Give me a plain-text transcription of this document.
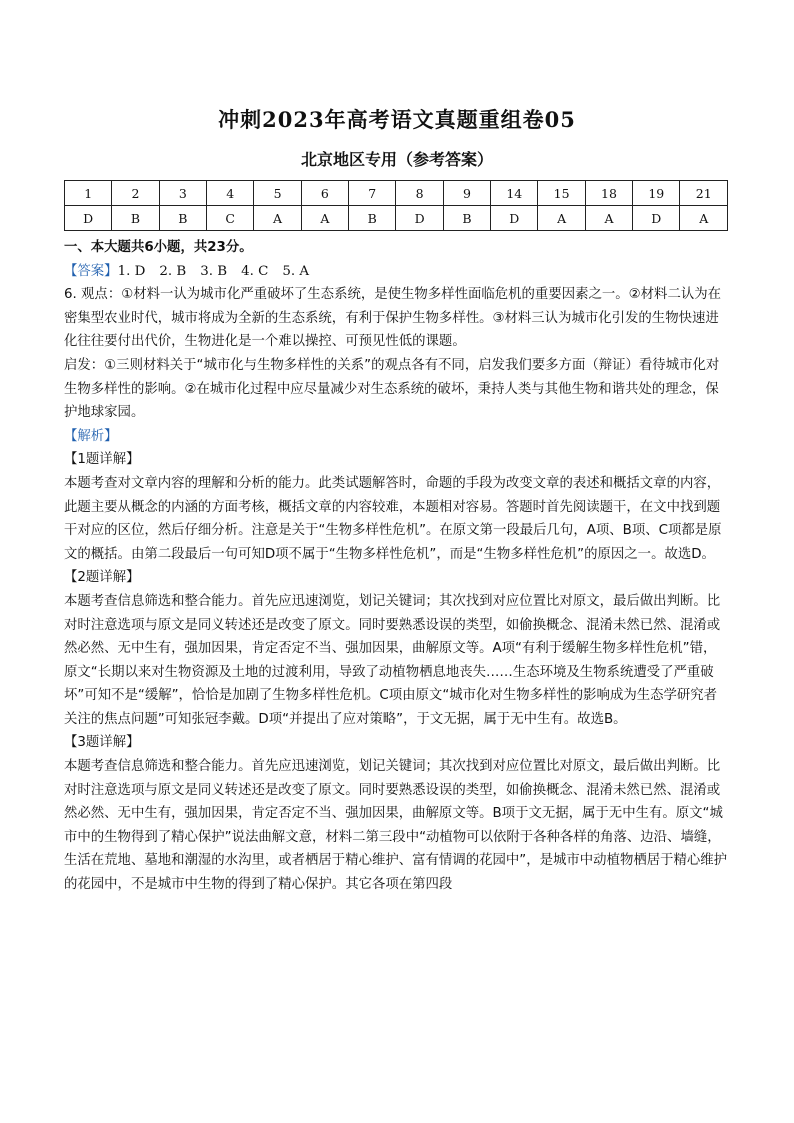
冲刺2023年高考语文真题重组卷05
北京地区专用（参考答案）
1	2	3	4	5	6	7	8	9	14	15	18	19	21
D	B	B	C	A	A	B	D	B	D	A	A	D	A

一、本大题共6小题，共23分。

【答案】1. D 2. B 3. B 4. C 5. A

6. 观点：①材料一认为城市化严重破坏了生态系统，是使生物多样性面临危机的重要因素之一。②材料二认为在密集型农业时代，城市将成为全新的生态系统，有利于保护生物多样性。③材料三认为城市化引发的生物快速进化往往要付出代价，生物进化是一个难以操控、可预见性低的课题。

启发：①三则材料关于“城市化与生物多样性的关系”的观点各有不同，启发我们要多方面（辩证）看待城市化对生物多样性的影响。②在城市化过程中应尽量减少对生态系统的破坏，秉持人类与其他生物和谐共处的理念，保护地球家园。

【解析】

【1题详解】

本题考查对文章内容的理解和分析的能力。此类试题解答时，命题的手段为改变文章的表述和概括文章的内容，此题主要从概念的内涵的方面考核，概括文章的内容较难，本题相对容易。答题时首先阅读题干，在文中找到题干对应的区位，然后仔细分析。注意是关于“生物多样性危机”。在原文第一段最后几句，A项、B项、C项都是原文的概括。由第二段最后一句可知D项不属于“生物多样性危机”，而是“生物多样性危机”的原因之一。故选D。

【2题详解】

本题考查信息筛选和整合能力。首先应迅速浏览，划记关键词；其次找到对应位置比对原文，最后做出判断。比对时注意选项与原文是同义转述还是改变了原文。同时要熟悉设误的类型，如偷换概念、混淆未然已然、混淆或然必然、无中生有，强加因果，肯定否定不当、强加因果，曲解原文等。A项“有利于缓解生物多样性危机”错，原文“长期以来对生物资源及土地的过渡利用，导致了动植物栖息地丧失……生态环境及生物系统遭受了严重破坏”可知不是“缓解”，恰恰是加剧了生物多样性危机。C项由原文“城市化对生物多样性的影响成为生态学研究者关注的焦点问题”可知张冠李戴。D项“并提出了应对策略”，于文无据，属于无中生有。故选B。

【3题详解】

本题考查信息筛选和整合能力。首先应迅速浏览，划记关键词；其次找到对应位置比对原文，最后做出判断。比对时注意选项与原文是同义转述还是改变了原文。同时要熟悉设误的类型，如偷换概念、混淆未然已然、混淆或然必然、无中生有，强加因果，肯定否定不当、强加因果，曲解原文等。B项于文无据，属于无中生有。原文“城市中的生物得到了精心保护”说法曲解文意，材料二第三段中“动植物可以依附于各种各样的角落、边沿、墙缝，生活在荒地、墓地和潮湿的水沟里，或者栖居于精心维护、富有情调的花园中”，是城市中动植物栖居于精心维护的花园中，不是城市中生物的得到了精心保护。其它各项在第四段
